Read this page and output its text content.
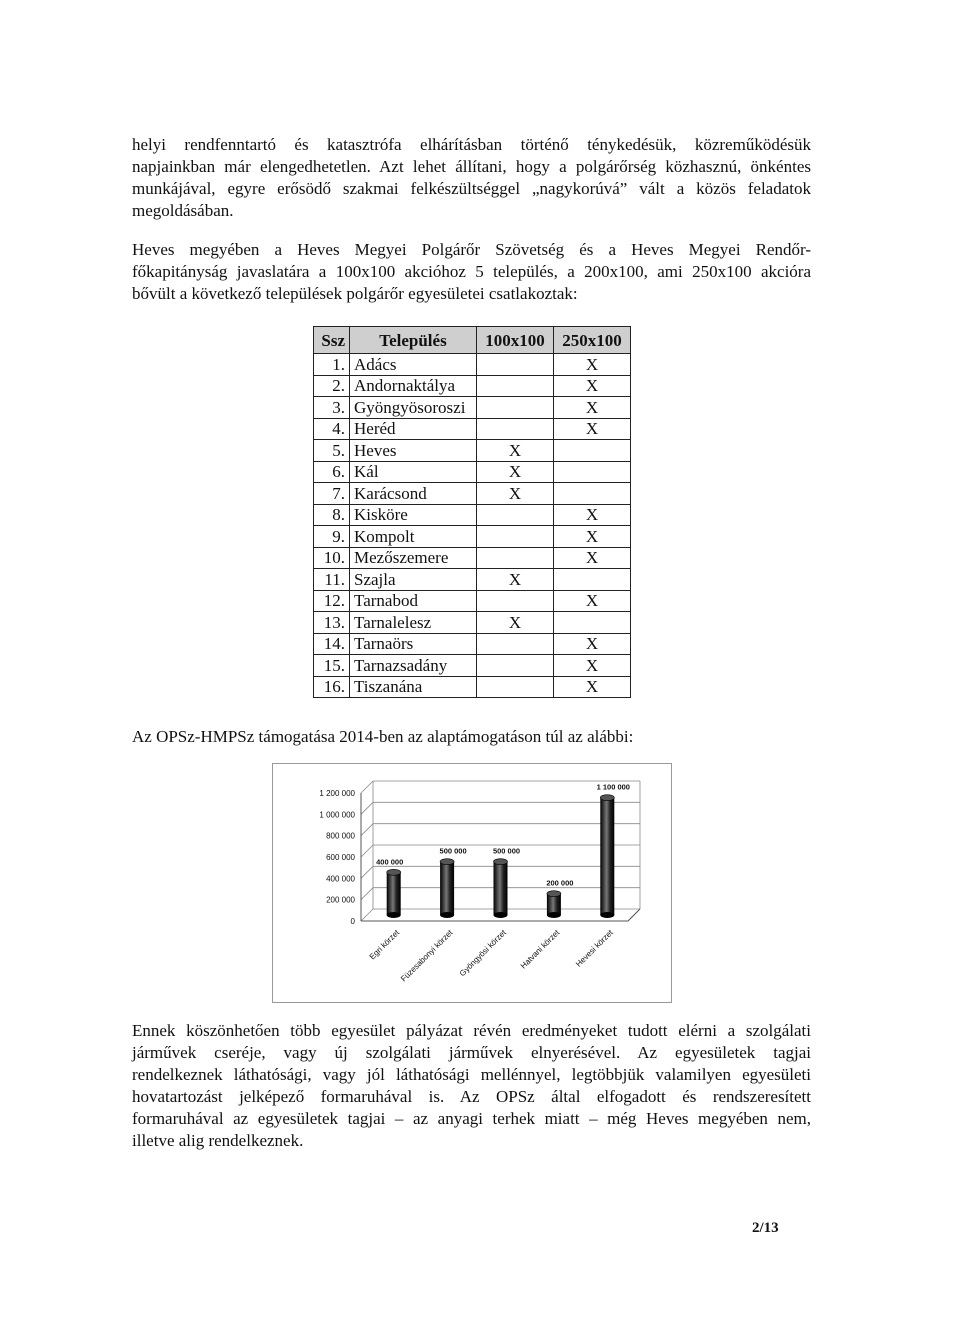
helyi rendfenntartó és katasztrófa elhárításban történő ténykedésük, közreműködésük
napjainkban már elengedhetetlen. Azt lehet állítani, hogy a polgárőrség közhasznú, önkéntes
munkájával, egyre erősödő szakmai felkészültséggel „nagykorúvá” vált a közös feladatok
megoldásában.
Heves megyében a Heves Megyei Polgárőr Szövetség és a Heves Megyei Rendőr-
főkapitányság javaslatára a 100x100 akcióhoz 5 település, a 200x100, ami 250x100 akcióra
bővült a következő települések polgárőr egyesületei csatlakoztak:
Ssz	Település	100x100	250x100
1.	Adács		X
2.	Andornaktálya		X
3.	Gyöngyösoroszi		X
4.	Heréd		X
5.	Heves	X	
6.	Kál	X	
7.	Karácsond	X	
8.	Kisköre		X
9.	Kompolt		X
10.	Mezőszemere		X
11.	Szajla	X	
12.	Tarnabod		X
13.	Tarnalelesz	X	
14.	Tarnaörs		X
15.	Tarnazsadány		X
16.	Tiszanána		X
Az OPSz-HMPSz támogatása 2014-ben az alaptámogatáson túl az alábbi:
0
200 000
400 000
600 000
800 000
1 000 000
1 200 000
400 000
Egri körzet
500 000
Füzesabonyi körzet
500 000
Gyöngyösi körzet
200 000
Hatvani körzet
1 100 000
Hevesi körzet
Ennek köszönhetően több egyesület pályázat révén eredményeket tudott elérni a szolgálati
járművek cseréje, vagy új szolgálati járművek elnyerésével. Az egyesületek tagjai
rendelkeznek láthatósági, vagy jól láthatósági mellénnyel, legtöbbjük valamilyen egyesületi
hovatartozást jelképező formaruhával is. Az OPSz által elfogadott és rendszeresített
formaruhával az egyesületek tagjai – az anyagi terhek miatt – még Heves megyében nem,
illetve alig rendelkeznek.
2/13
